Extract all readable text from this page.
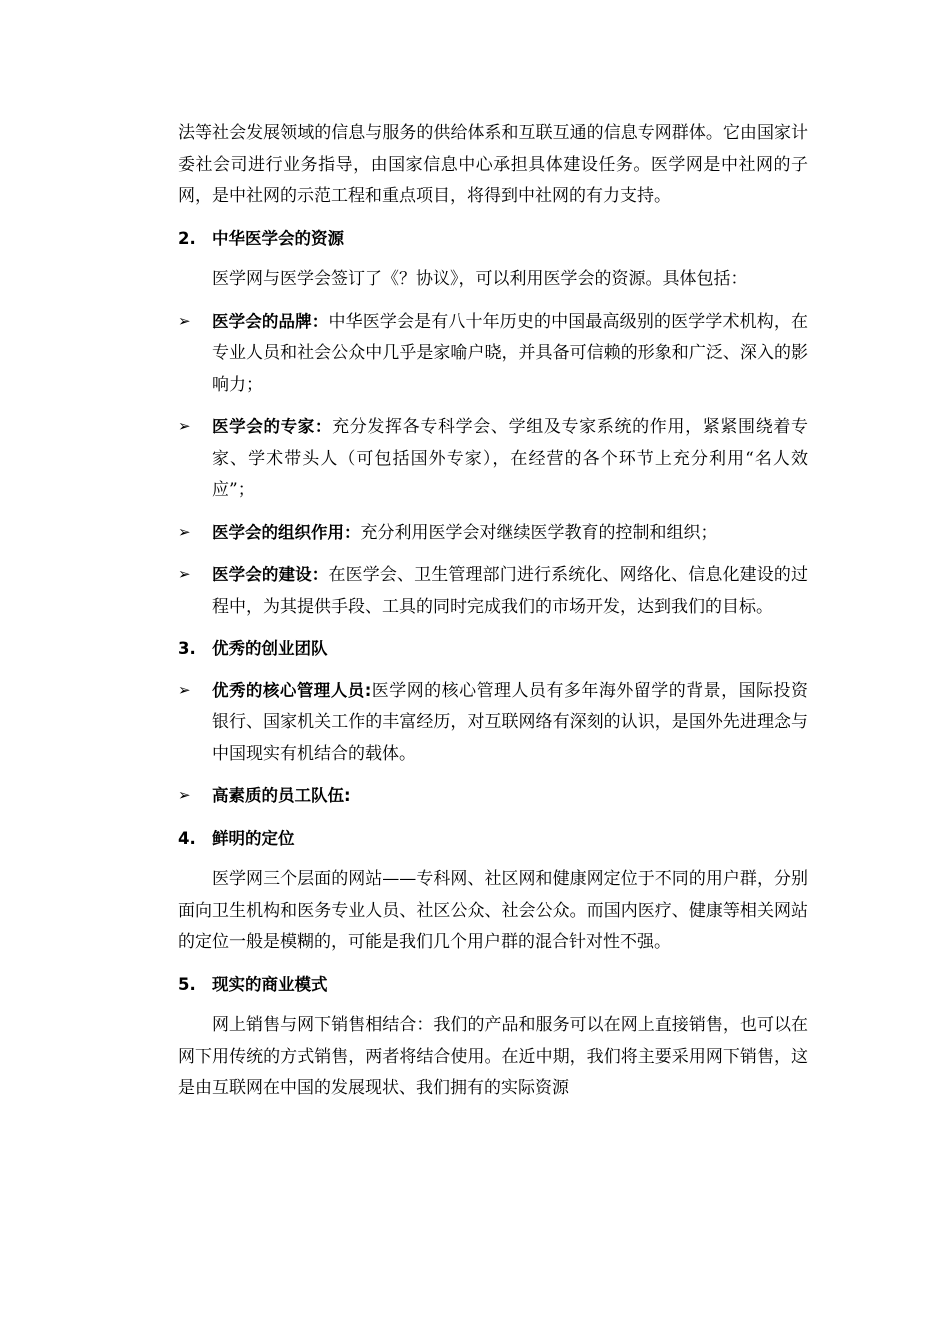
法等社会发展领域的信息与服务的供给体系和互联互通的信息专网群体。它由国家计委社会司进行业务指导，由国家信息中心承担具体建设任务。医学网是中社网的子网，是中社网的示范工程和重点项目，将得到中社网的有力支持。

2. 中华医学会的资源

医学网与医学会签订了《？协议》，可以利用医学会的资源。具体包括：

➢	医学会的品牌：中华医学会是有八十年历史的中国最高级别的医学学术机构，在专业人员和社会公众中几乎是家喻户晓，并具备可信赖的形象和广泛、深入的影响力；
➢	医学会的专家：充分发挥各专科学会、学组及专家系统的作用，紧紧围绕着专家、学术带头人（可包括国外专家），在经营的各个环节上充分利用“名人效应”；
➢	医学会的组织作用：充分利用医学会对继续医学教育的控制和组织；
➢	医学会的建设：在医学会、卫生管理部门进行系统化、网络化、信息化建设的过程中，为其提供手段、工具的同时完成我们的市场开发，达到我们的目标。
3. 优秀的创业团队
➢	优秀的核心管理人员:医学网的核心管理人员有多年海外留学的背景，国际投资银行、国家机关工作的丰富经历，对互联网络有深刻的认识，是国外先进理念与中国现实有机结合的载体。
➢	高素质的员工队伍:
4. 鲜明的定位

医学网三个层面的网站——专科网、社区网和健康网定位于不同的用户群，分别面向卫生机构和医务专业人员、社区公众、社会公众。而国内医疗、健康等相关网站的定位一般是模糊的，可能是我们几个用户群的混合针对性不强。

5. 现实的商业模式

网上销售与网下销售相结合：我们的产品和服务可以在网上直接销售，也可以在网下用传统的方式销售，两者将结合使用。在近中期，我们将主要采用网下销售，这是由互联网在中国的发展现状、我们拥有的实际资源
